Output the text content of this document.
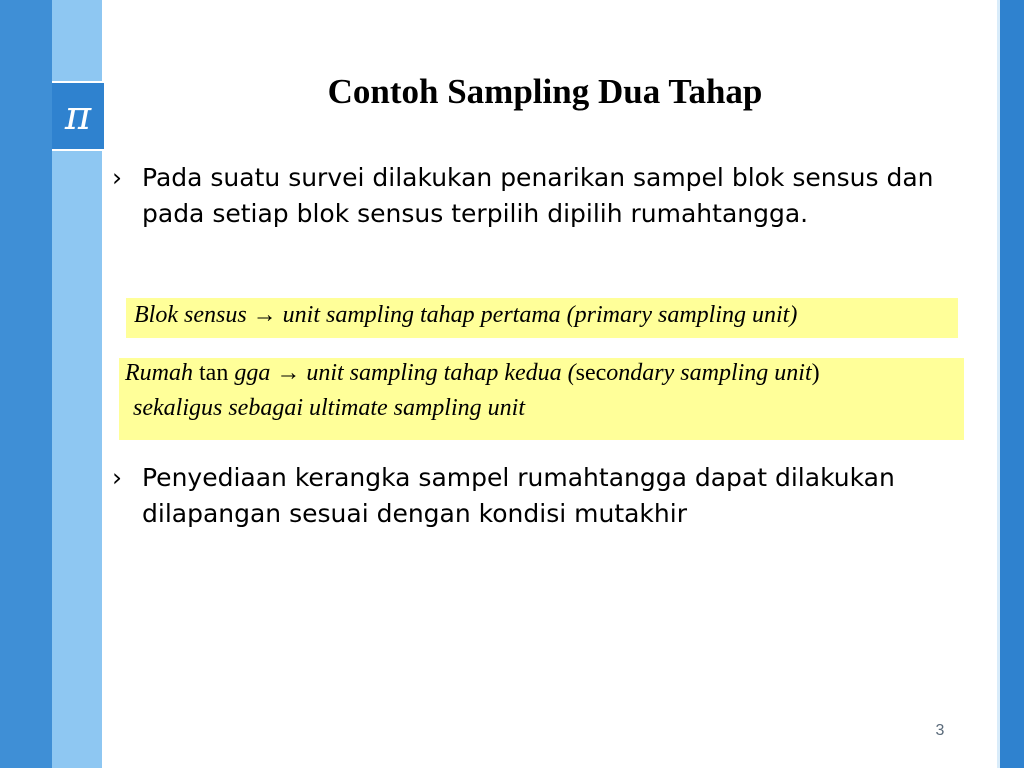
π
Contoh Sampling Dua Tahap
› Pada suatu survei dilakukan penarikan sampel blok sensus dan pada setiap blok sensus terpilih dipilih rumahtangga.
Blok sensus → unit sampling tahap pertama (primary sampling unit)
Rumah tan gga → unit sampling tahap kedua (secondary sampling unit)
sekaligus sebagai ultimate sampling unit
› Penyediaan kerangka sampel rumahtangga dapat dilakukan dilapangan sesuai dengan kondisi mutakhir
3
